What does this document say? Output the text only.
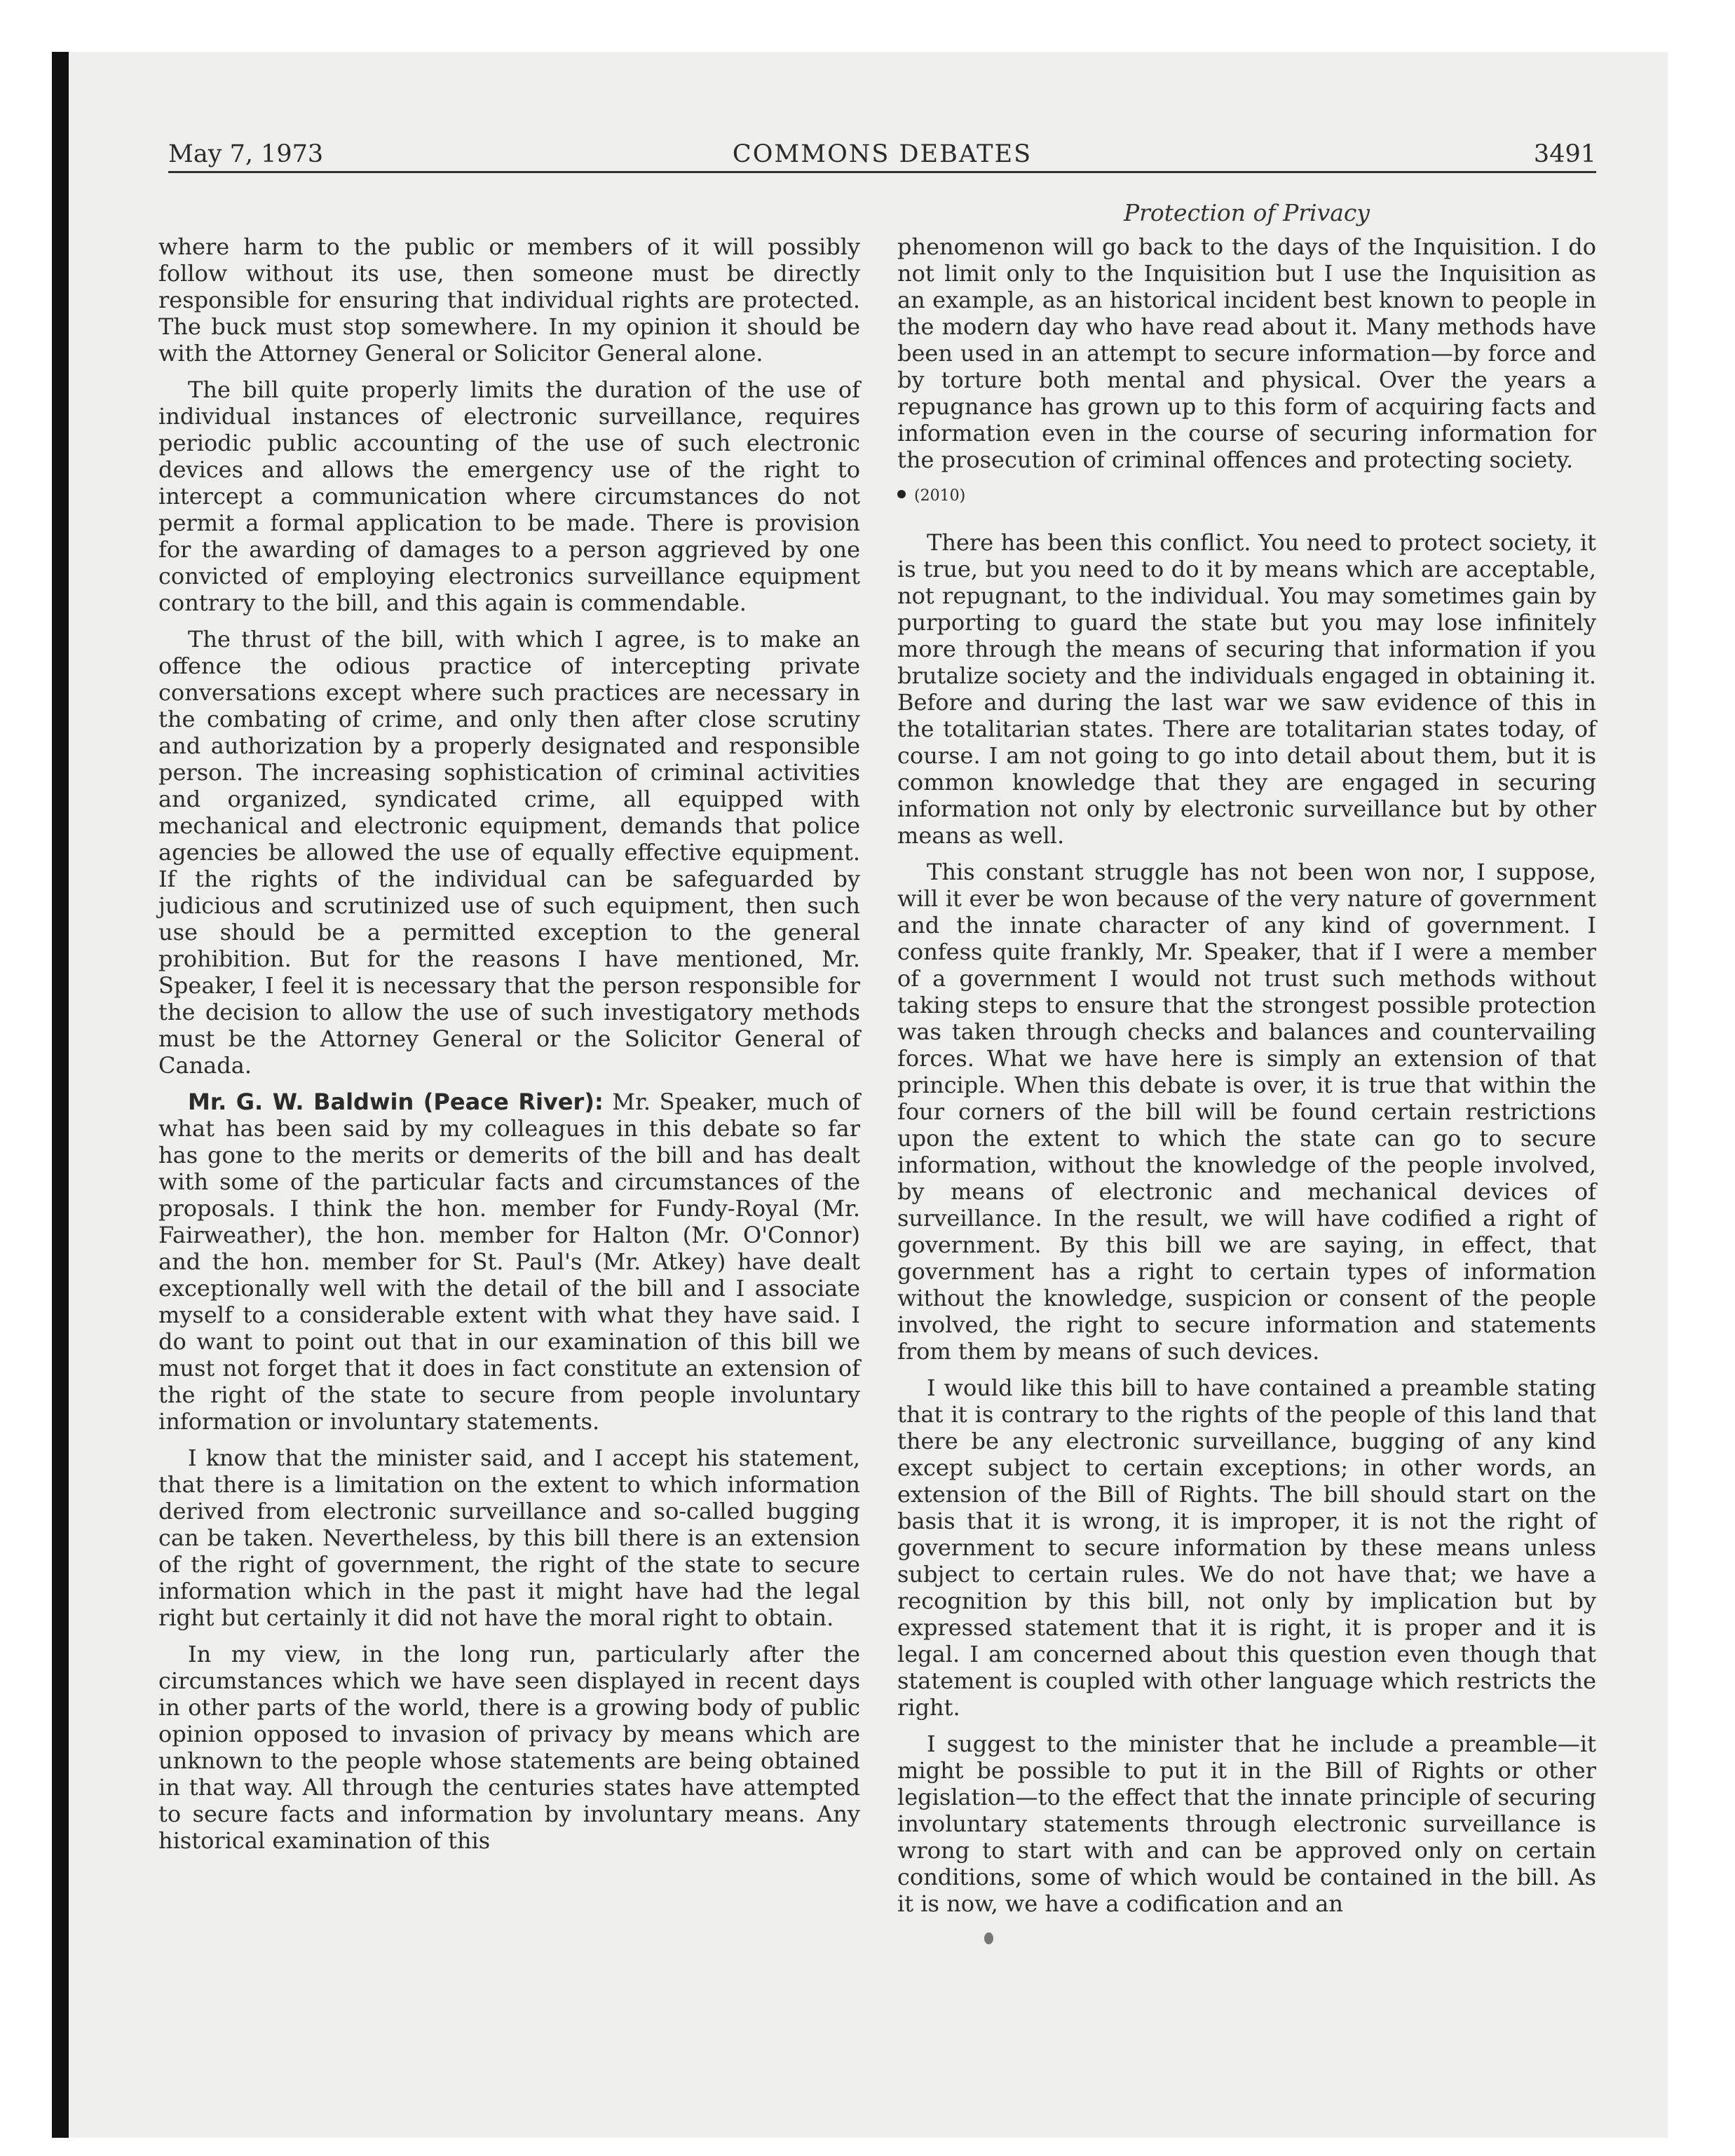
May 7, 1973	COMMONS DEBATES	3491
Protection of Privacy

where harm to the public or members of it will possibly follow without its use, then someone must be directly responsible for ensuring that individual rights are protected. The buck must stop somewhere. In my opinion it should be with the Attorney General or Solicitor General alone.

The bill quite properly limits the duration of the use of individual instances of electronic surveillance, requires periodic public accounting of the use of such electronic devices and allows the emergency use of the right to intercept a communication where circumstances do not permit a formal application to be made. There is provision for the awarding of damages to a person aggrieved by one convicted of employing electronics surveillance equipment contrary to the bill, and this again is commendable.

The thrust of the bill, with which I agree, is to make an offence the odious practice of intercepting private conversations except where such practices are necessary in the combating of crime, and only then after close scrutiny and authorization by a properly designated and responsible person. The increasing sophistication of criminal activities and organized, syndicated crime, all equipped with mechanical and electronic equipment, demands that police agencies be allowed the use of equally effective equipment. If the rights of the individual can be safeguarded by judicious and scrutinized use of such equipment, then such use should be a permitted exception to the general prohibition. But for the reasons I have mentioned, Mr. Speaker, I feel it is necessary that the person responsible for the decision to allow the use of such investigatory methods must be the Attorney General or the Solicitor General of Canada.

Mr. G. W. Baldwin (Peace River): Mr. Speaker, much of what has been said by my colleagues in this debate so far has gone to the merits or demerits of the bill and has dealt with some of the particular facts and circumstances of the proposals. I think the hon. member for Fundy-Royal (Mr. Fairweather), the hon. member for Halton (Mr. O'Connor) and the hon. member for St. Paul's (Mr. Atkey) have dealt exceptionally well with the detail of the bill and I associate myself to a considerable extent with what they have said. I do want to point out that in our examination of this bill we must not forget that it does in fact constitute an extension of the right of the state to secure from people involuntary information or involuntary statements.

I know that the minister said, and I accept his statement, that there is a limitation on the extent to which information derived from electronic surveillance and so-called bugging can be taken. Nevertheless, by this bill there is an extension of the right of government, the right of the state to secure information which in the past it might have had the legal right but certainly it did not have the moral right to obtain.

In my view, in the long run, particularly after the circumstances which we have seen displayed in recent days in other parts of the world, there is a growing body of public opinion opposed to invasion of privacy by means which are unknown to the people whose statements are being obtained in that way. All through the centuries states have attempted to secure facts and information by involuntary means. Any historical examination of this

phenomenon will go back to the days of the Inquisition. I do not limit only to the Inquisition but I use the Inquisition as an example, as an historical incident best known to people in the modern day who have read about it. Many methods have been used in an attempt to secure information—by force and by torture both mental and physical. Over the years a repugnance has grown up to this form of acquiring facts and information even in the course of securing information for the prosecution of criminal offences and protecting society.

(2010)

There has been this conflict. You need to protect society, it is true, but you need to do it by means which are acceptable, not repugnant, to the individual. You may sometimes gain by purporting to guard the state but you may lose infinitely more through the means of securing that information if you brutalize society and the individuals engaged in obtaining it. Before and during the last war we saw evidence of this in the totalitarian states. There are totalitarian states today, of course. I am not going to go into detail about them, but it is common knowledge that they are engaged in securing information not only by electronic surveillance but by other means as well.

This constant struggle has not been won nor, I suppose, will it ever be won because of the very nature of government and the innate character of any kind of government. I confess quite frankly, Mr. Speaker, that if I were a member of a government I would not trust such methods without taking steps to ensure that the strongest possible protection was taken through checks and balances and countervailing forces. What we have here is simply an extension of that principle. When this debate is over, it is true that within the four corners of the bill will be found certain restrictions upon the extent to which the state can go to secure information, without the knowledge of the people involved, by means of electronic and mechanical devices of surveillance. In the result, we will have codified a right of government. By this bill we are saying, in effect, that government has a right to certain types of information without the knowledge, suspicion or consent of the people involved, the right to secure information and statements from them by means of such devices.

I would like this bill to have contained a preamble stating that it is contrary to the rights of the people of this land that there be any electronic surveillance, bugging of any kind except subject to certain exceptions; in other words, an extension of the Bill of Rights. The bill should start on the basis that it is wrong, it is improper, it is not the right of government to secure information by these means unless subject to certain rules. We do not have that; we have a recognition by this bill, not only by implication but by expressed statement that it is right, it is proper and it is legal. I am concerned about this question even though that statement is coupled with other language which restricts the right.

I suggest to the minister that he include a preamble—it might be possible to put it in the Bill of Rights or other legislation—to the effect that the innate principle of securing involuntary statements through electronic surveillance is wrong to start with and can be approved only on certain conditions, some of which would be contained in the bill. As it is now, we have a codification and an
